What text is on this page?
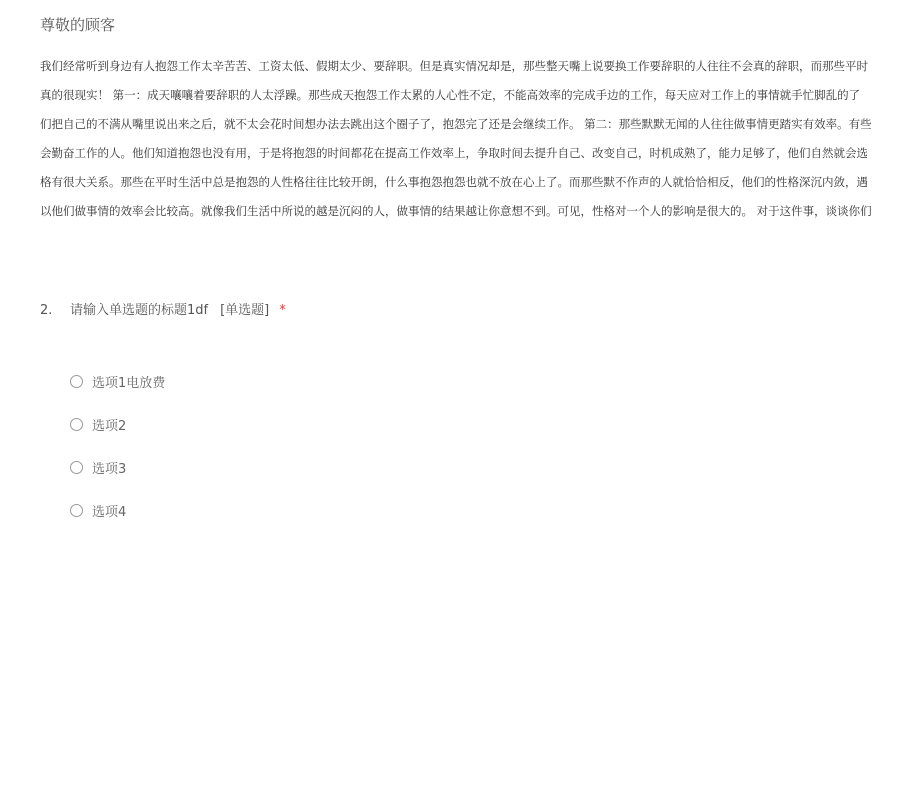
尊敬的顾客
我们经常听到身边有人抱怨工作太辛苦苦、工资太低、假期太少、要辞职。但是真实情况却是，那些整天嘴上说要换工作要辞职的人往往不会真的辞职，而那些平时
真的很现实！ 第一：成天嚷嚷着要辞职的人太浮躁。那些成天抱怨工作太累的人心性不定，不能高效率的完成手边的工作，每天应对工作上的事情就手忙脚乱的了
们把自己的不满从嘴里说出来之后，就不太会花时间想办法去跳出这个圈子了，抱怨完了还是会继续工作。 第二：那些默默无闻的人往往做事情更踏实有效率。有些
会勤奋工作的人。他们知道抱怨也没有用，于是将抱怨的时间都花在提高工作效率上，争取时间去提升自己、改变自己，时机成熟了，能力足够了，他们自然就会选
格有很大关系。那些在平时生活中总是抱怨的人性格往往比较开朗，什么事抱怨抱怨也就不放在心上了。而那些默不作声的人就恰恰相反，他们的性格深沉内敛，遇
以他们做事情的效率会比较高。就像我们生活中所说的越是沉闷的人，做事情的结果越让你意想不到。可见，性格对一个人的影响是很大的。 对于这件事，谈谈你们
2. 请输入单选题的标题1df [单选题] *
选项1电放费
选项2
选项3
选项4
